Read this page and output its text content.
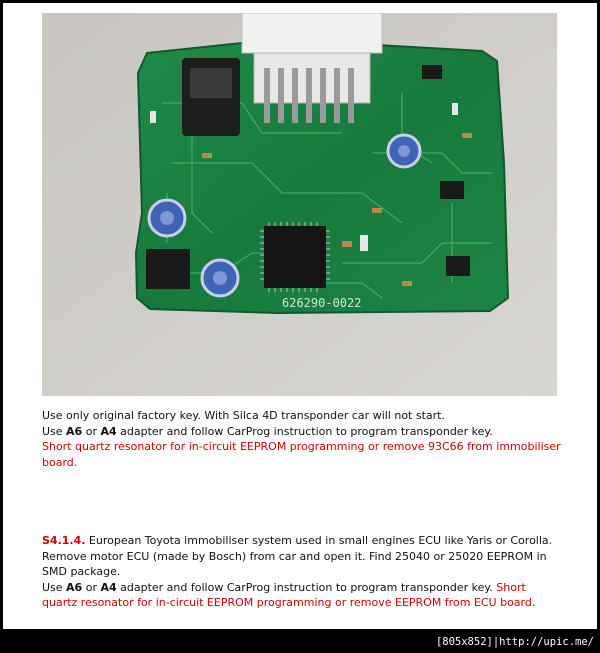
626290-0022

Use only original factory key. With Silca 4D transponder car will not start.
Use A6 or A4 adapter and follow CarProg instruction to program transponder key.
Short quartz resonator for in-circuit EEPROM programming or remove 93C66 from immobiliser board.

S4.1.4. European Toyota immobiliser system used in small engines ECU like Yaris or Corolla. Remove motor ECU (made by Bosch) from car and open it. Find 25040 or 25020 EEPROM in SMD package.
Use A6 or A4 adapter and follow CarProg instruction to program transponder key. Short quartz resonator for in-circuit EEPROM programming or remove EEPROM from ECU board.

[805x852]|http://upic.me/
